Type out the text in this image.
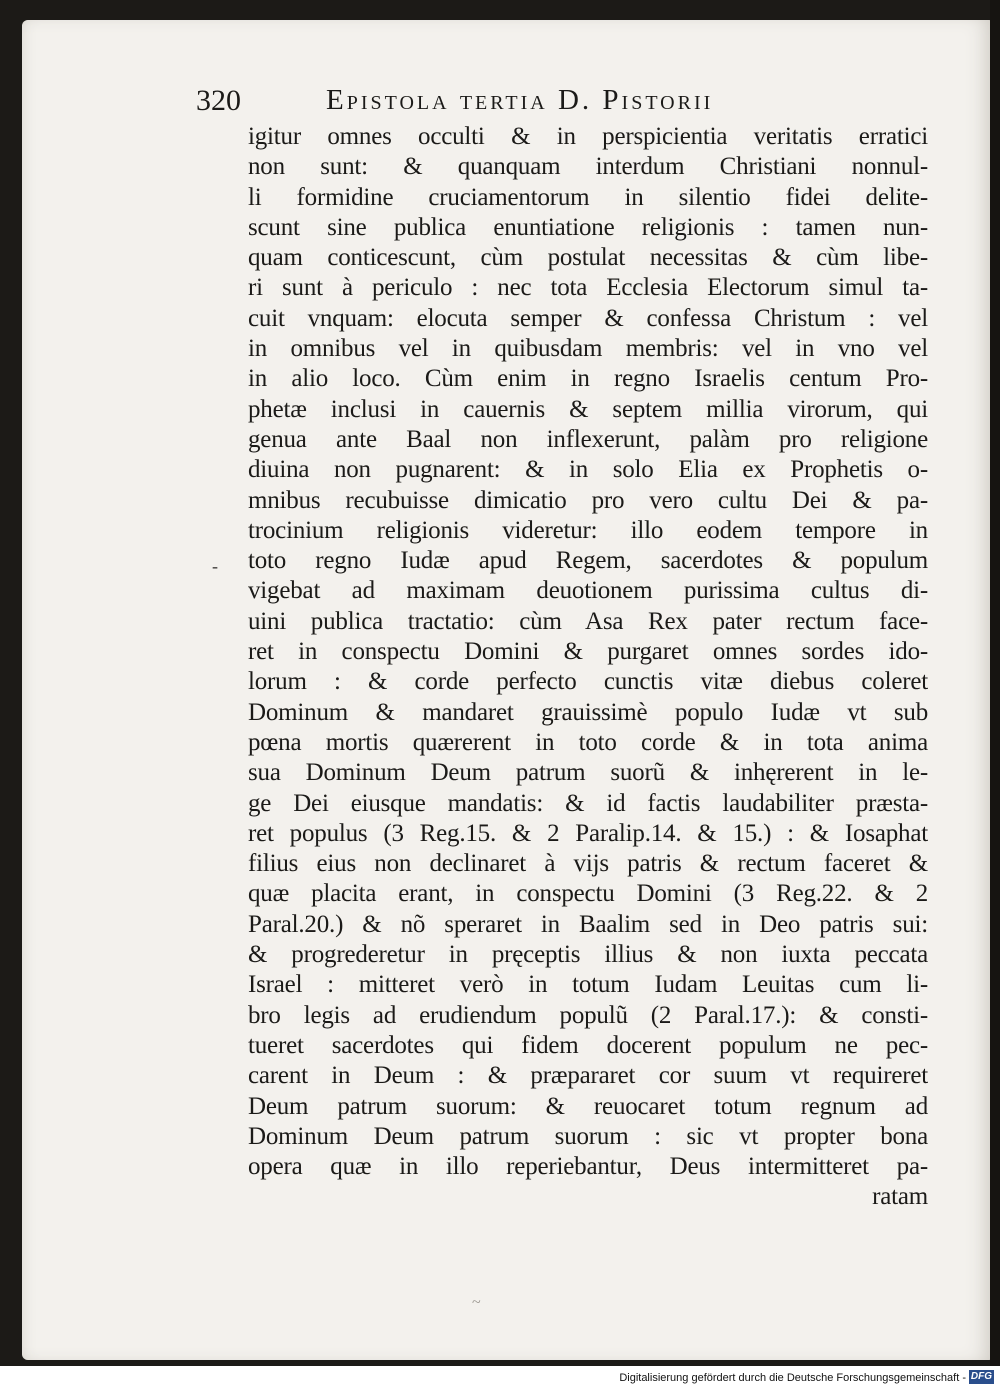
320	Epistola tertia D. Pistorii
-
igitur omnes occulti & in perspicientia veritatis erratici
non sunt: & quanquam interdum Christiani nonnul-
li formidine cruciamentorum in silentio fidei delite-
scunt sine publica enuntiatione religionis : tamen nun-
quam conticescunt, cùm postulat necessitas & cùm libe-
ri sunt à periculo : nec tota Ecclesia Electorum simul ta-
cuit vnquam: elocuta semper & confessa Christum : vel
in omnibus vel in quibusdam membris: vel in vno vel
in alio loco. Cùm enim in regno Israelis centum Pro-
phetæ inclusi in cauernis & septem millia virorum, qui
genua ante Baal non inflexerunt, palàm pro religione
diuina non pugnarent: & in solo Elia ex Prophetis o-
mnibus recubuisse dimicatio pro vero cultu Dei & pa-
trocinium religionis videretur: illo eodem tempore in
toto regno Iudæ apud Regem, sacerdotes & populum
vigebat ad maximam deuotionem purissima cultus di-
uini publica tractatio: cùm Asa Rex pater rectum face-
ret in conspectu Domini & purgaret omnes sordes ido-
lorum : & corde perfecto cunctis vitæ diebus coleret
Dominum & mandaret grauissimè populo Iudæ vt sub
pœna mortis quærerent in toto corde & in tota anima
sua Dominum Deum patrum suorũ & inhęrerent in le-
ge Dei eiusque mandatis: & id factis laudabiliter præsta-
ret populus (3 Reg.15. & 2 Paralip.14. & 15.) : & Iosaphat
filius eius non declinaret à vijs patris & rectum faceret &
quæ placita erant, in conspectu Domini (3 Reg.22. & 2
Paral.20.) & nõ speraret in Baalim sed in Deo patris sui:
& progrederetur in pręceptis illius & non iuxta peccata
Israel : mitteret verò in totum Iudam Leuitas cum li-
bro legis ad erudiendum populũ (2 Paral.17.): & consti-
tueret sacerdotes qui fidem docerent populum ne pec-
carent in Deum : & præpararet cor suum vt requireret
Deum patrum suorum: & reuocaret totum regnum ad
Dominum Deum patrum suorum : sic vt propter bona
opera quæ in illo reperiebantur, Deus intermitteret pa-
ratam
~
Digitalisierung gefördert durch die Deutsche Forschungsgemeinschaft - DFG
